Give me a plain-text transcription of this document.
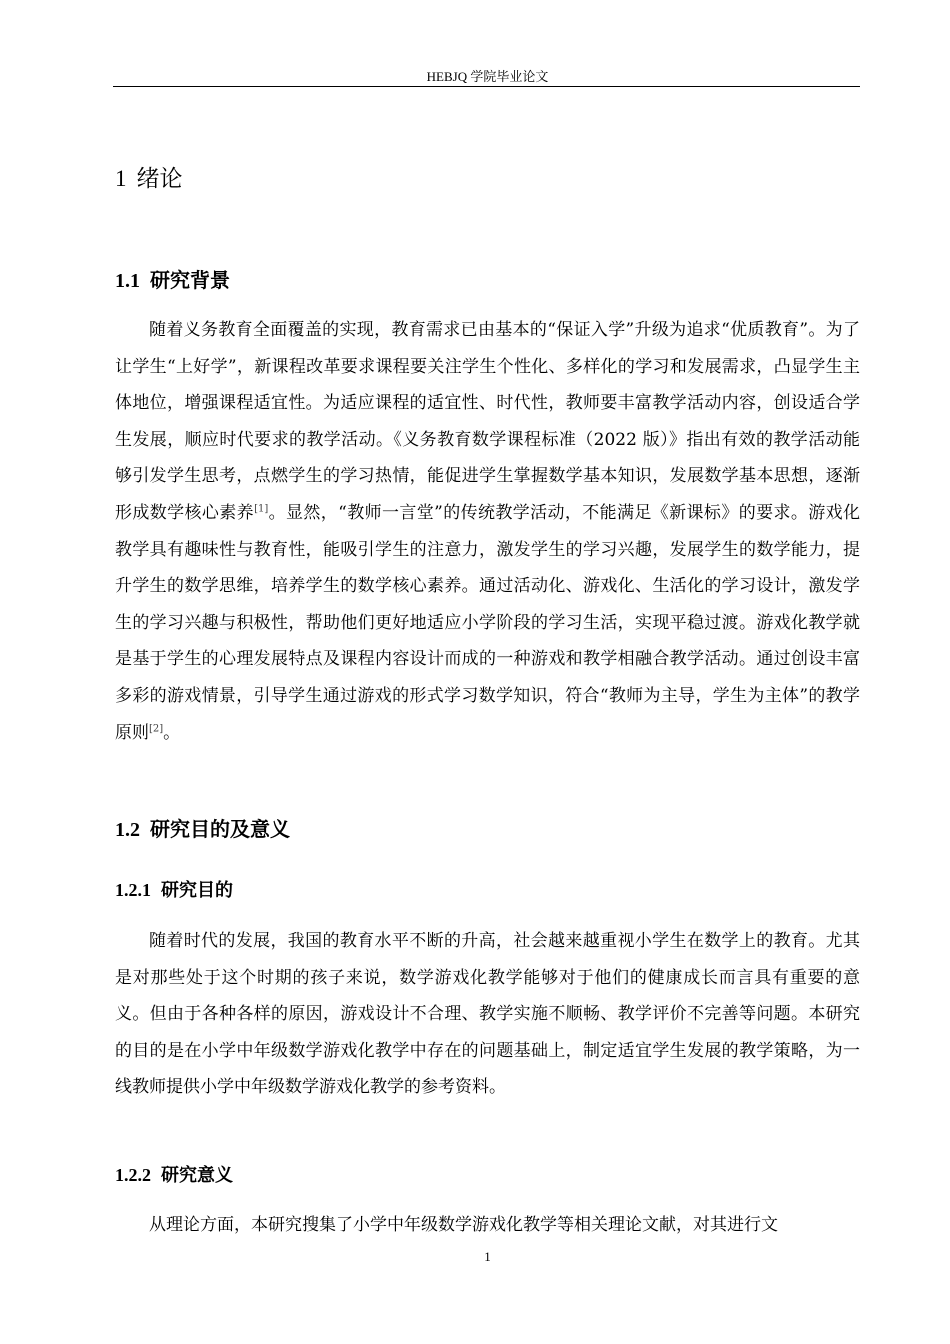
HEBJQ 学院毕业论文
1 绪论
1.1 研究背景

随着义务教育全面覆盖的实现，教育需求已由基本的“保证入学”升级为追求“优质教育”。为了让学生“上好学”，新课程改革要求课程要关注学生个性化、多样化的学习和发展需求，凸显学生主体地位，增强课程适宜性。为适应课程的适宜性、时代性，教师要丰富教学活动内容，创设适合学生发展，顺应时代要求的教学活动。《义务教育数学课程标准（2022 版）》指出有效的教学活动能够引发学生思考，点燃学生的学习热情，能促进学生掌握数学基本知识，发展数学基本思想，逐渐形成数学核心素养[1]。显然，“教师一言堂”的传统教学活动，不能满足《新课标》的要求。游戏化教学具有趣味性与教育性，能吸引学生的注意力，激发学生的学习兴趣，发展学生的数学能力，提升学生的数学思维，培养学生的数学核心素养。通过活动化、游戏化、生活化的学习设计，激发学生的学习兴趣与积极性，帮助他们更好地适应小学阶段的学习生活，实现平稳过渡。游戏化教学就是基于学生的心理发展特点及课程内容设计而成的一种游戏和教学相融合教学活动。通过创设丰富多彩的游戏情景，引导学生通过游戏的形式学习数学知识，符合“教师为主导，学生为主体”的教学原则[2]。

1.2 研究目的及意义
1.2.1 研究目的

随着时代的发展，我国的教育水平不断的升高，社会越来越重视小学生在数学上的教育。尤其是对那些处于这个时期的孩子来说，数学游戏化教学能够对于他们的健康成长而言具有重要的意义。但由于各种各样的原因，游戏设计不合理、教学实施不顺畅、教学评价不完善等问题。本研究的目的是在小学中年级数学游戏化教学中存在的问题基础上，制定适宜学生发展的教学策略，为一线教师提供小学中年级数学游戏化教学的参考资料。

1.2.2 研究意义

从理论方面，本研究搜集了小学中年级数学游戏化教学等相关理论文献，对其进行文

1
